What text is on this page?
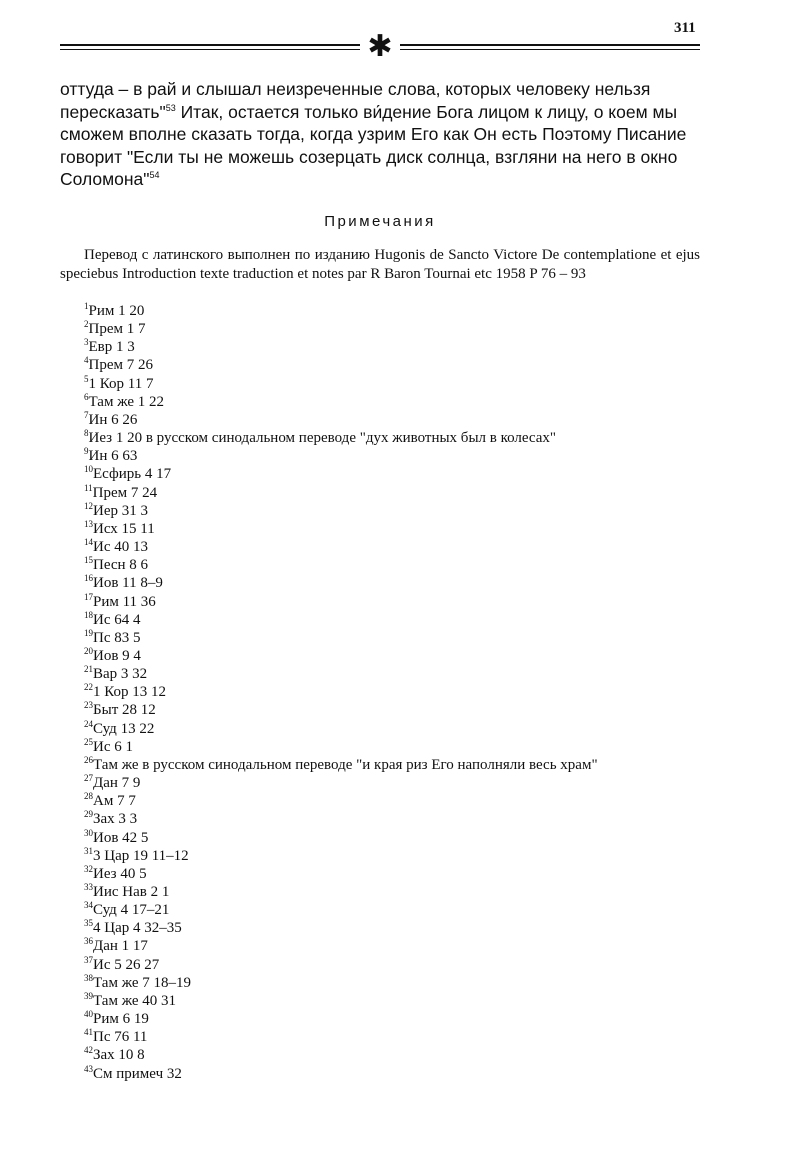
311
✱

оттуда – в рай и слышал неизреченные слова, которых человеку нельзя

пересказать"$^{53}$ Итак, остается только ви́дение Бога лицом к лицу, о коем мы

сможем вполне сказать тогда, когда узрим Его как Он есть Поэтому Писание

говорит "Если ты не можешь созерцать диск солнца, взгляни на него в окно

Соломона"$^{54}$

Примечания
Перевод с латинского выполнен по изданию Hugonis de Sancto Victore De contemplatione et ejus speciebus Introduction texte traduction et notes par R Baron Tournai etc 1958 P 76 – 93
$^1$Рим 1 20
$^2$Прем 1 7
$^3$Евр 1 3
$^4$Прем 7 26
$^5$1 Кор 11 7
$^6$Там же 1 22
$^7$Ин 6 26
$^8$Иез 1 20 в русском синодальном переводе "дух животных был в колесах"
$^9$Ин 6 63
$^{10}$Есфирь 4 17
$^{11}$Прем 7 24
$^{12}$Иер 31 3
$^{13}$Исх 15 11
$^{14}$Ис 40 13
$^{15}$Песн 8 6
$^{16}$Иов 11 8–9
$^{17}$Рим 11 36
$^{18}$Ис 64 4
$^{19}$Пс 83 5
$^{20}$Иов 9 4
$^{21}$Вар 3 32
$^{22}$1 Кор 13 12
$^{23}$Быт 28 12
$^{24}$Суд 13 22
$^{25}$Ис 6 1
$^{26}$Там же в русском синодальном переводе "и края риз Его наполняли весь храм"
$^{27}$Дан 7 9
$^{28}$Ам 7 7
$^{29}$Зах 3 3
$^{30}$Иов 42 5
$^{31}$3 Цар 19 11–12
$^{32}$Иез 40 5
$^{33}$Иис Нав 2 1
$^{34}$Суд 4 17–21
$^{35}$4 Цар 4 32–35
$^{36}$Дан 1 17
$^{37}$Ис 5 26 27
$^{38}$Там же 7 18–19
$^{39}$Там же 40 31
$^{40}$Рим 6 19
$^{41}$Пс 76 11
$^{42}$Зах 10 8
$^{43}$См примеч 32
